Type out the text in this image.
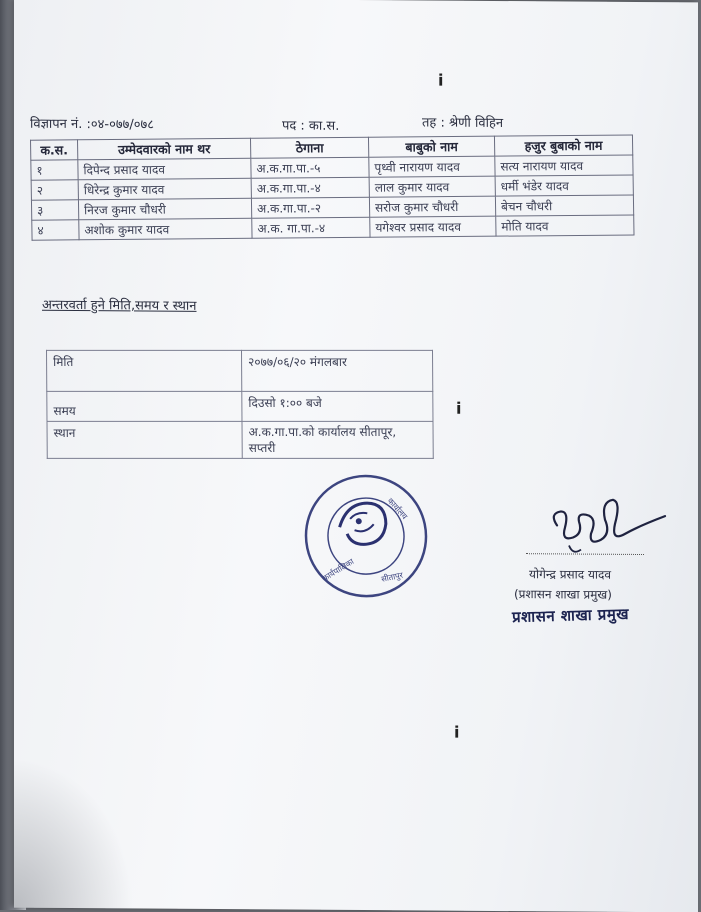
i
विज्ञापन नं. :०४-०७७/०७८	पद : का.स.	तह : श्रेणी विहिन
क.स.	उम्मेदवारको नाम थर	ठेगाना	बाबुको नाम	हजुर बुबाको नाम
१	दिपेन्द प्रसाद यादव	अ.क.गा.पा.-५	पृथ्वी नारायण यादव	सत्य नारायण यादव
२	धिरेन्द्र कुमार यादव	अ.क.गा.पा.-४	लाल कुमार यादव	धर्मी भंडेर यादव
३	निरज कुमार चौधरी	अ.क.गा.पा.-२	सरोज कुमार चौधरी	बेचन चौधरी
४	अशोक कुमार यादव	अ.क. गा.पा.-४	यगेश्वर प्रसाद यादव	मोति यादव
अन्तरवर्ता हुने मिति,समय र स्थान
मिति	२०७७/०६/२० मंगलबार
समय	दिउसो १:०० बजे
स्थान	अ.क.गा.पा.को कार्यालय सीतापूर, सप्तरी
i
कार्यपालिका	सीतापुर
कार्यालय
योगेन्द्र प्रसाद यादव
(प्रशासन शाखा प्रमुख)
प्रशासन शाखा प्रमुख
i
